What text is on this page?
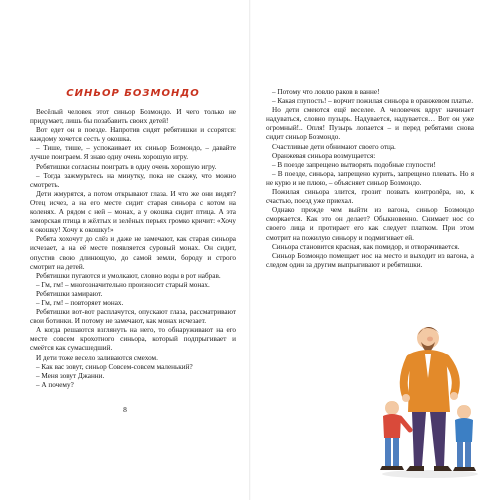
СИНЬОР БОЗМОНДО

Весёлый человек этот синьор Бозмондо. И чего только не придумает, лишь бы позабавить своих детей!

Вот едет он в поезде. Напротив сидят ребятишки и ссорятся: каждому хочется сесть у окошка.

– Тише, тише, – успокаивает их синьор Бозмондо, – давайте лучше поиграем. Я знаю одну очень хорошую игру.

Ребятишки согласны поиграть в одну очень хорошую игру.

– Тогда зажмурьтесь на минутку, пока не скажу, что можно смотреть.

Дети жмурятся, а потом открывают глаза. И что же они видят? Отец исчез, а на его месте сидит старая синьора с котом на коленях. А рядом с ней – монах, а у окошка сидит птица. А эта заморская птица в жёлтых и зелёных перьях громко кричит: «Хочу к окошку! Хочу к окошку!»

Ребята хохочут до слёз и даже не замечают, как старая синьора исчезает, а на её месте появляется суровый монах. Он сидит, опустив свою длинющую, до самой земли, бороду и строго смотрит на детей.

Ребятишки пугаются и умолкают, словно воды в рот набрав.

– Гм, гм! – многозначительно произносит старый монах.

Ребятишки замирают.

– Гм, гм! – повторяет монах.

Ребятишки вот-вот расплачутся, опускают глаза, рассматривают свои ботинки. И потому не замечают, как монах исчезает.

А когда решаются взглянуть на него, то обнаруживают на его месте совсем крохотного синьора, который подпрыгивает и смеётся как сумасшедший.

И дети тоже весело заливаются смехом.

– Как вас зовут, синьор Совсем-совсем маленький?

– Меня зовут Джанни.

– А почему?

8

– Потому что ловлю раков в ванне!

– Какая глупость! – ворчит пожилая синьора в оранжевом платье.

Но дети смеются ещё веселее. А человечек вдруг начинает надуваться, словно пузырь. Надувается, надувается… Вот он уже огромный!.. Опля! Пузырь лопается – и перед ребятами снова сидит синьор Бозмондо.

Счастливые дети обнимают своего отца.

Оранжевая синьора возмущается:

– В поезде запрещено вытворять подобные глупости!

– В поезде, синьора, запрещено курить, запрещено плевать. Но я не курю и не плюю, – объясняет синьор Бозмондо.

Пожилая синьора злится, грозит позвать контролёра, но, к счастью, поезд уже приехал.

Однако прежде чем выйти из вагона, синьор Бозмондо сморкается. Как это он делает? Обыкновенно. Снимает нос со своего лица и протирает его как следует платком. При этом смотрит на пожилую синьору и подмигивает ей.

Синьора становится красная, как помидор, и отворачивается.

Синьор Бозмондо помещает нос на место и выходит из вагона, а следом один за другим выпрыгивают и ребятишки.
